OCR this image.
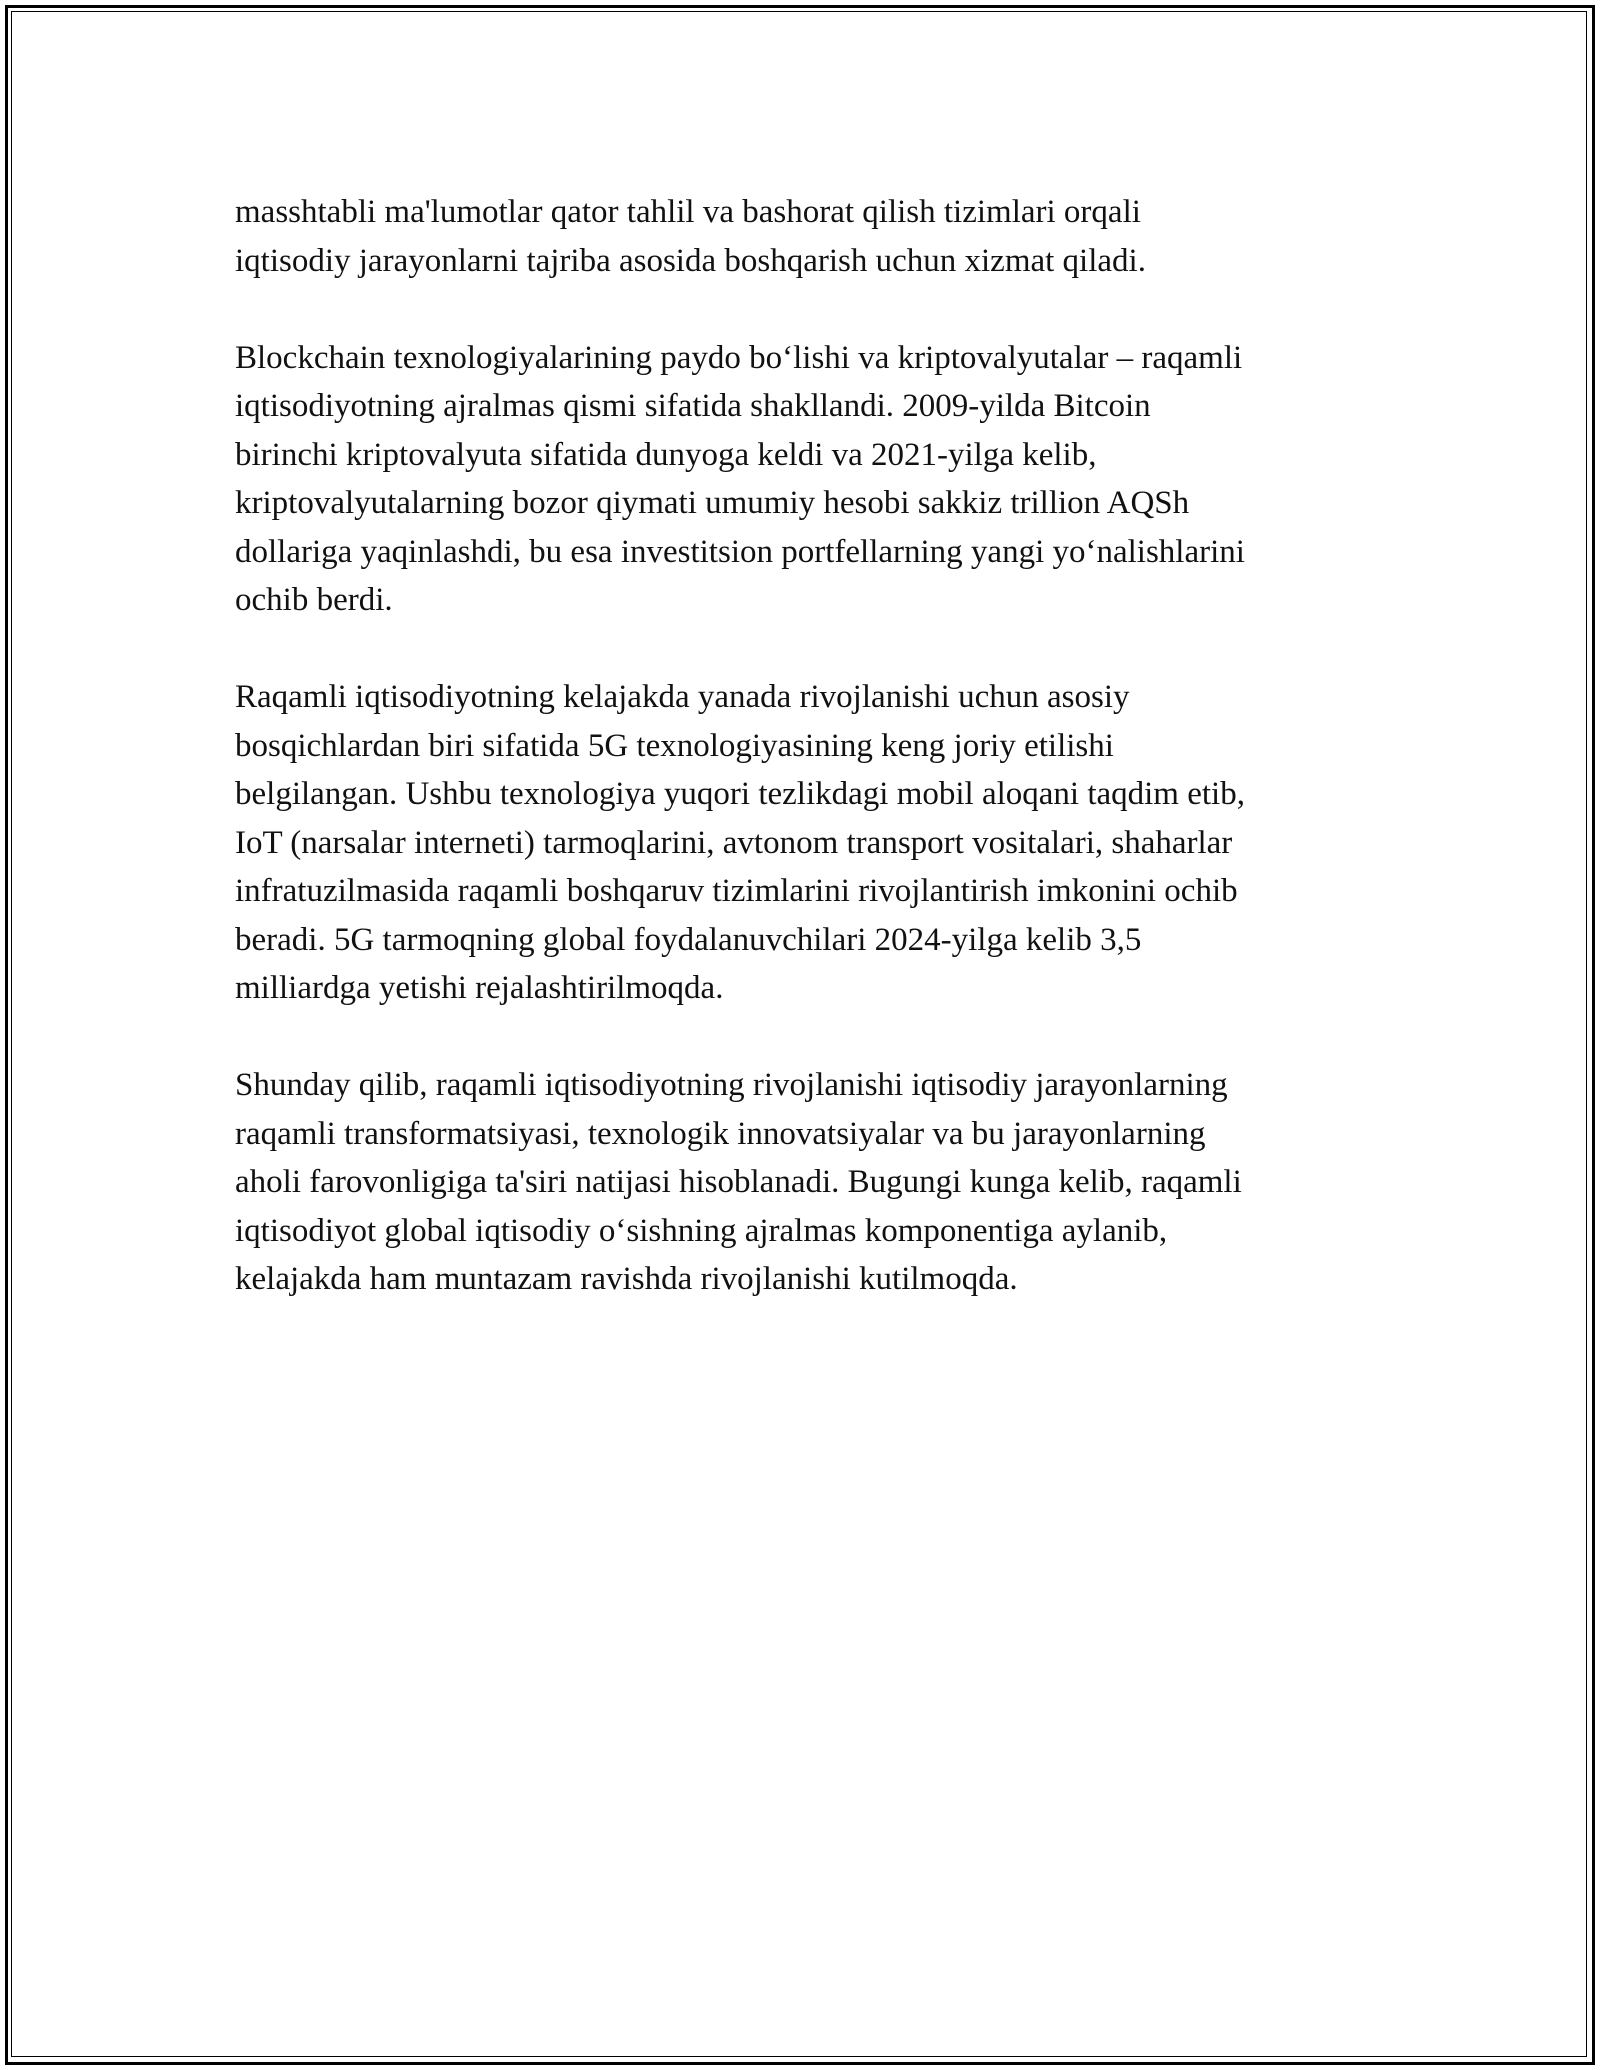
masshtabli ma'lumotlar qator tahlil va bashorat qilish tizimlari orqali
iqtisodiy jarayonlarni tajriba asosida boshqarish uchun xizmat qiladi.

Blockchain texnologiyalarining paydo bo‘lishi va kriptovalyutalar – raqamli
iqtisodiyotning ajralmas qismi sifatida shakllandi. 2009-yilda Bitcoin
birinchi kriptovalyuta sifatida dunyoga keldi va 2021-yilga kelib,
kriptovalyutalarning bozor qiymati umumiy hesobi sakkiz trillion AQSh
dollariga yaqinlashdi, bu esa investitsion portfellarning yangi yo‘nalishlarini
ochib berdi.

Raqamli iqtisodiyotning kelajakda yanada rivojlanishi uchun asosiy
bosqichlardan biri sifatida 5G texnologiyasining keng joriy etilishi
belgilangan. Ushbu texnologiya yuqori tezlikdagi mobil aloqani taqdim etib,
IoT (narsalar interneti) tarmoqlarini, avtonom transport vositalari, shaharlar
infratuzilmasida raqamli boshqaruv tizimlarini rivojlantirish imkonini ochib
beradi. 5G tarmoqning global foydalanuvchilari 2024-yilga kelib 3,5
milliardga yetishi rejalashtirilmoqda.

Shunday qilib, raqamli iqtisodiyotning rivojlanishi iqtisodiy jarayonlarning
raqamli transformatsiyasi, texnologik innovatsiyalar va bu jarayonlarning
aholi farovonligiga ta'siri natijasi hisoblanadi. Bugungi kunga kelib, raqamli
iqtisodiyot global iqtisodiy o‘sishning ajralmas komponentiga aylanib,
kelajakda ham muntazam ravishda rivojlanishi kutilmoqda.
